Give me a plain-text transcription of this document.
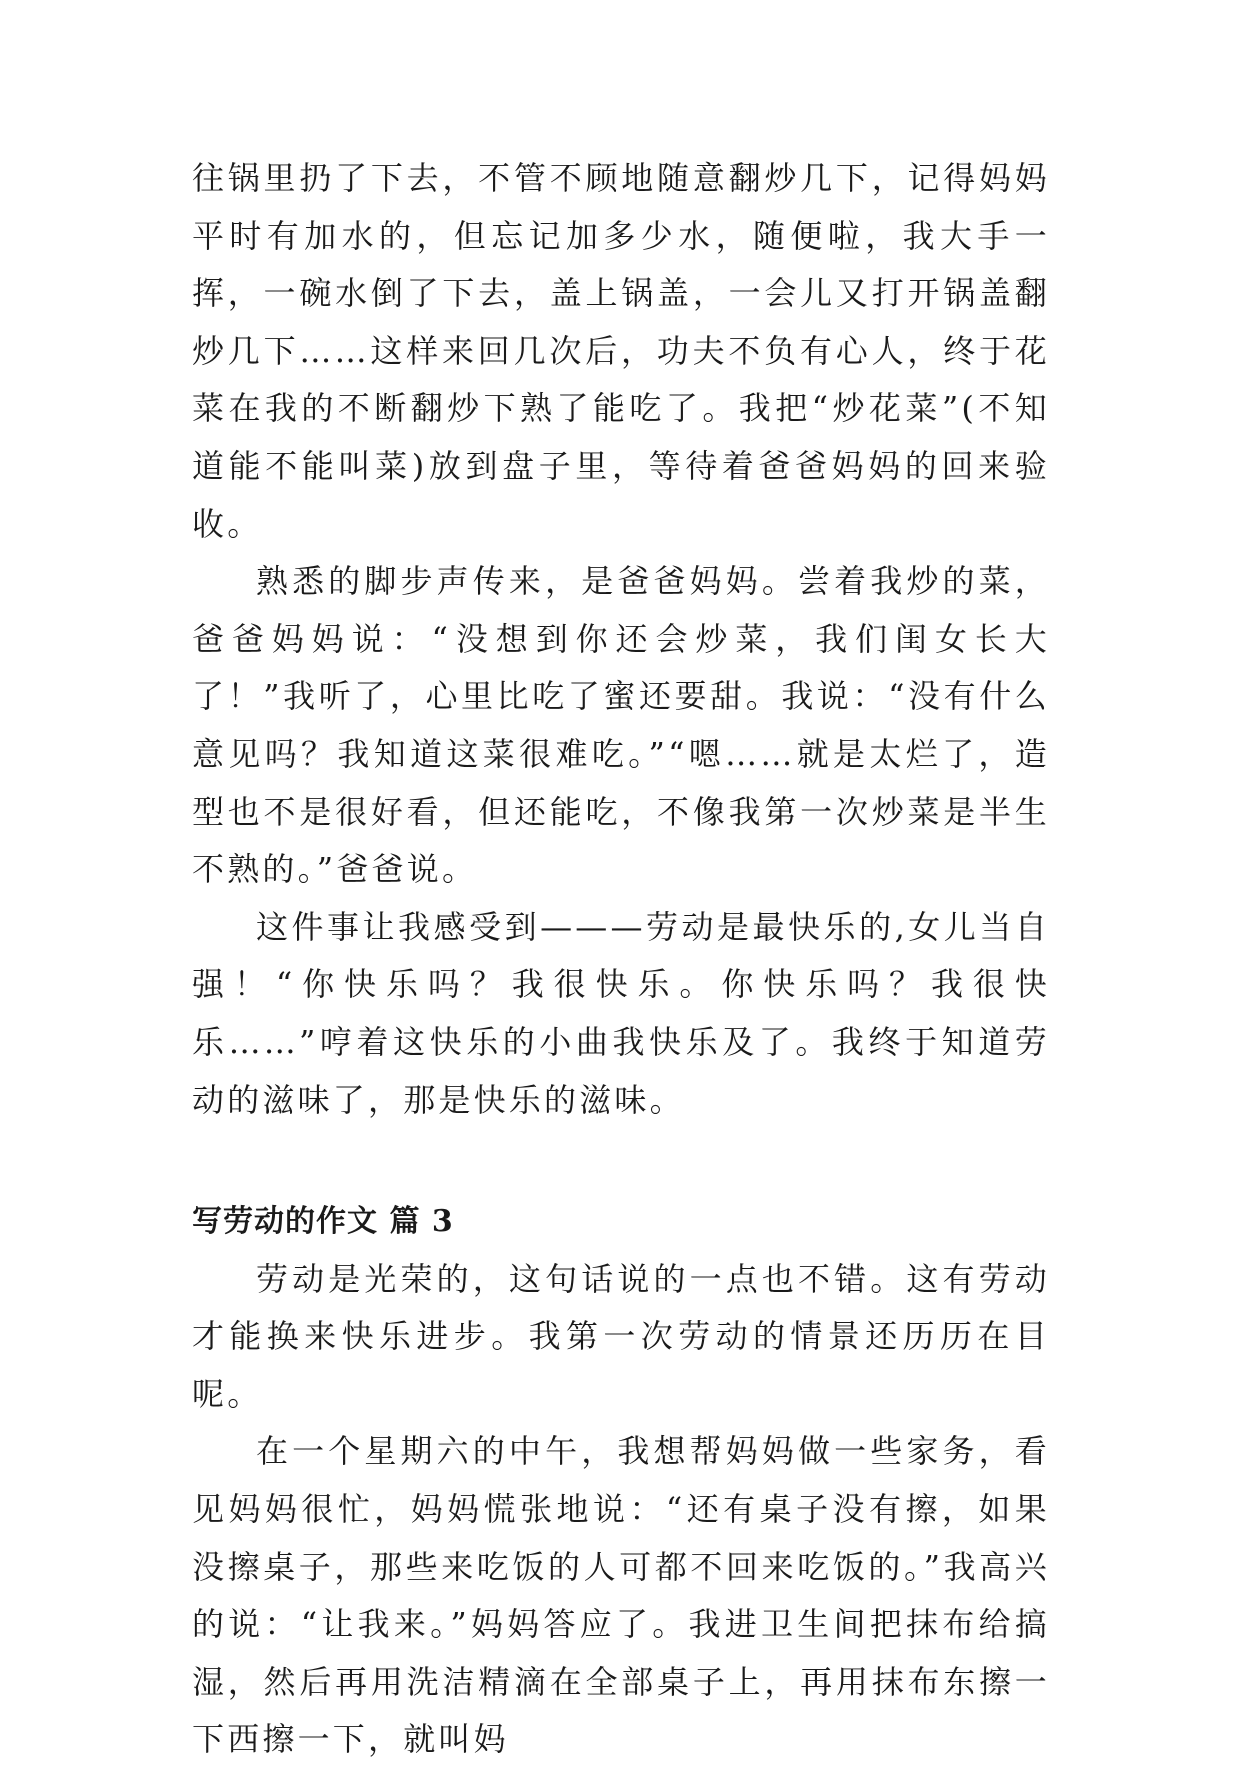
往锅里扔了下去，不管不顾地随意翻炒几下，记得妈妈平时有加水的，但忘记加多少水，随便啦，我大手一挥，一碗水倒了下去，盖上锅盖，一会儿又打开锅盖翻炒几下……这样来回几次后，功夫不负有心人，终于花菜在我的不断翻炒下熟了能吃了。我把“炒花菜”(不知道能不能叫菜)放到盘子里，等待着爸爸妈妈的回来验收。

熟悉的脚步声传来，是爸爸妈妈。尝着我炒的菜，爸爸妈妈说：“没想到你还会炒菜，我们闺女长大了！”我听了，心里比吃了蜜还要甜。我说：“没有什么意见吗？我知道这菜很难吃。”“嗯……就是太烂了，造型也不是很好看，但还能吃，不像我第一次炒菜是半生不熟的。”爸爸说。

这件事让我感受到———劳动是最快乐的,女儿当自强！“你快乐吗？我很快乐。你快乐吗？我很快乐……”哼着这快乐的小曲我快乐及了。我终于知道劳动的滋味了，那是快乐的滋味。

写劳动的作文 篇 3

劳动是光荣的，这句话说的一点也不错。这有劳动才能换来快乐进步。我第一次劳动的情景还历历在目呢。

在一个星期六的中午，我想帮妈妈做一些家务，看见妈妈很忙，妈妈慌张地说：“还有桌子没有擦，如果没擦桌子，那些来吃饭的人可都不回来吃饭的。”我高兴的说：“让我来。”妈妈答应了。我进卫生间把抹布给搞湿，然后再用洗洁精滴在全部桌子上，再用抹布东擦一下西擦一下，就叫妈
